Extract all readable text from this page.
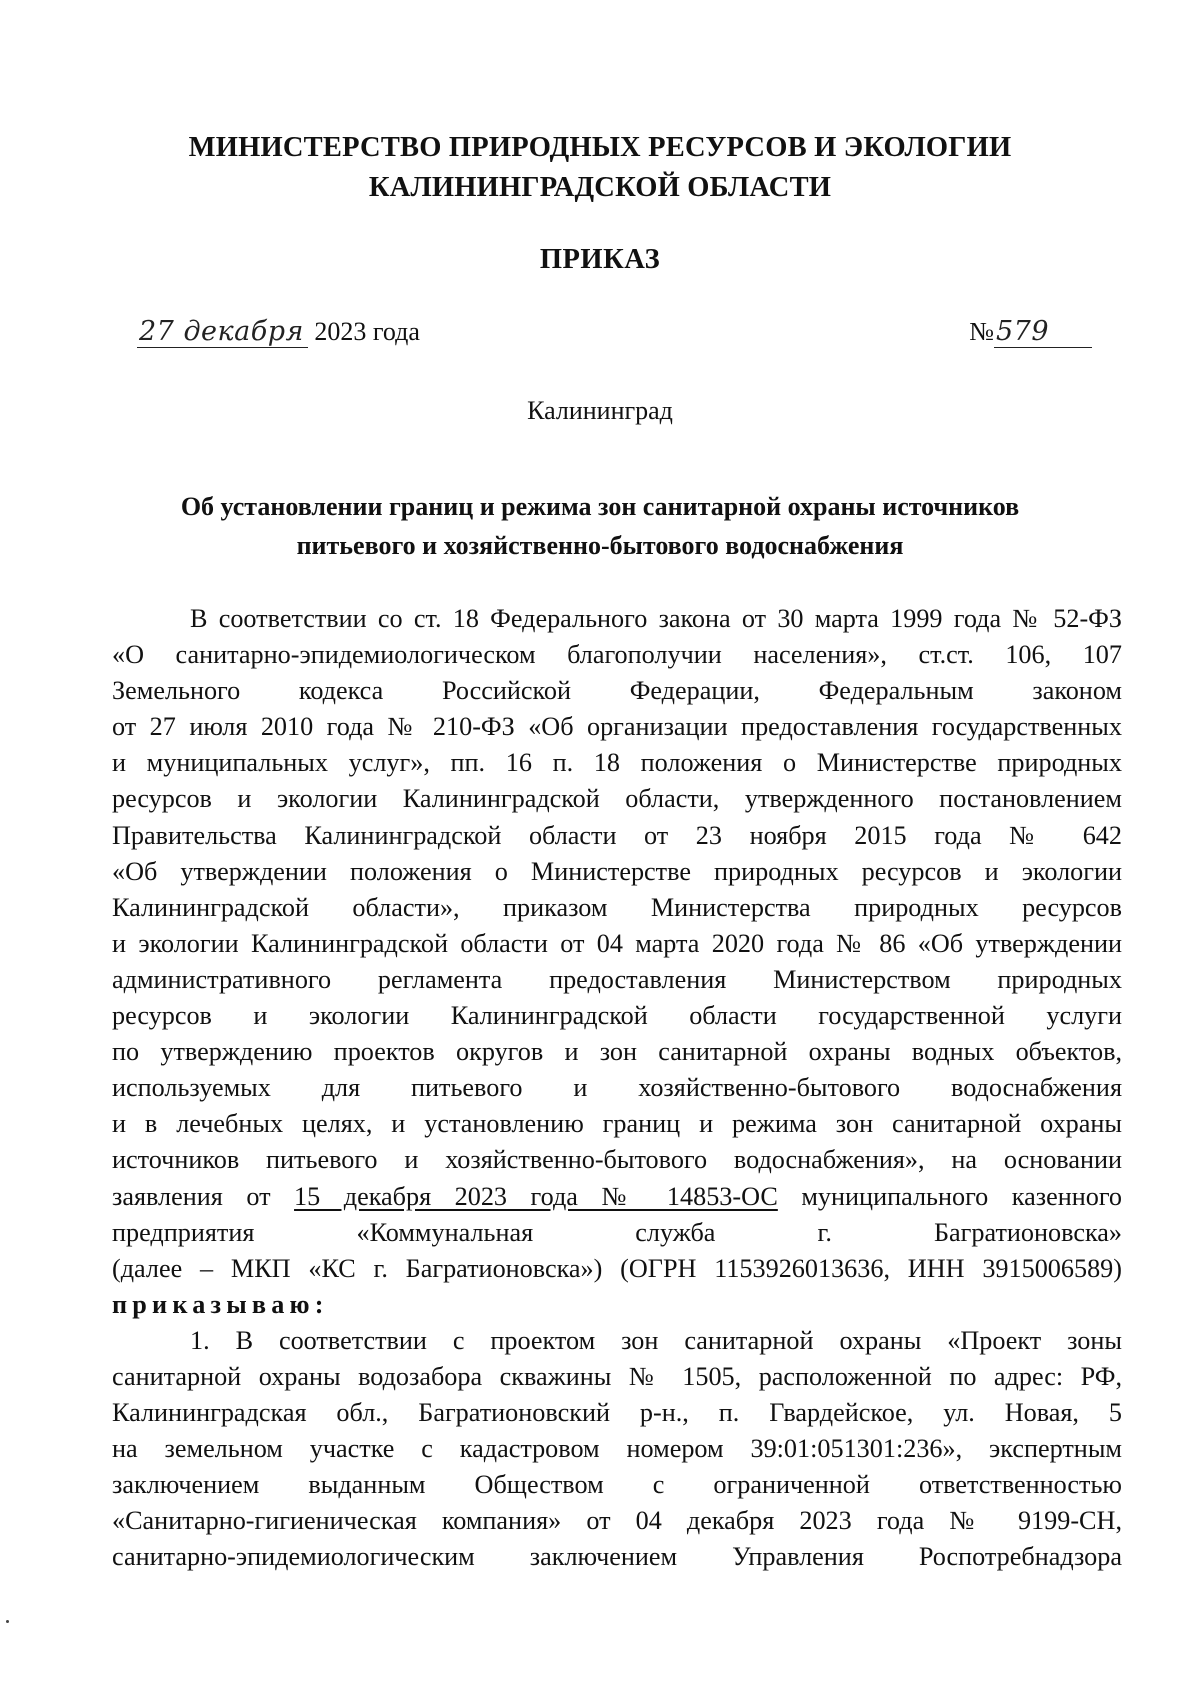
МИНИСТЕРСТВО ПРИРОДНЫХ РЕСУРСОВ И ЭКОЛОГИИ
КАЛИНИНГРАДСКОЙ ОБЛАСТИ
ПРИКАЗ
27 декабря 2023 года	№579
Калининград
Об установлении границ и режима зон санитарной охраны источников
питьевого и хозяйственно-бытового водоснабжения
В соответствии со ст. 18 Федерального закона от 30 марта 1999 года № 52-ФЗ
«О санитарно-эпидемиологическом благополучии населения», ст.ст. 106, 107
Земельного кодекса Российской Федерации, Федеральным законом
от 27 июля 2010 года № 210-ФЗ «Об организации предоставления государственных
и муниципальных услуг», пп. 16 п. 18 положения о Министерстве природных
ресурсов и экологии Калининградской области, утвержденного постановлением
Правительства Калининградской области от 23 ноября 2015 года № 642
«Об утверждении положения о Министерстве природных ресурсов и экологии
Калининградской области», приказом Министерства природных ресурсов
и экологии Калининградской области от 04 марта 2020 года № 86 «Об утверждении
административного регламента предоставления Министерством природных
ресурсов и экологии Калининградской области государственной услуги
по утверждению проектов округов и зон санитарной охраны водных объектов,
используемых для питьевого и хозяйственно-бытового водоснабжения
и в лечебных целях, и установлению границ и режима зон санитарной охраны
источников питьевого и хозяйственно-бытового водоснабжения», на основании
заявления от 15 декабря 2023 года № 14853-ОС муниципального казенного
предприятия «Коммунальная служба г. Багратионовска»
(далее – МКП «КС г. Багратионовска») (ОГРН 1153926013636, ИНН 3915006589)
приказываю:
1. В соответствии с проектом зон санитарной охраны «Проект зоны
санитарной охраны водозабора скважины № 1505, расположенной по адрес: РФ,
Калининградская обл., Багратионовский р-н., п. Гвардейское, ул. Новая, 5
на земельном участке с кадастровом номером 39:01:051301:236», экспертным
заключением выданным Обществом с ограниченной ответственностью
«Санитарно-гигиеническая компания» от 04 декабря 2023 года № 9199-СН,
санитарно-эпидемиологическим заключением Управления Роспотребнадзора
